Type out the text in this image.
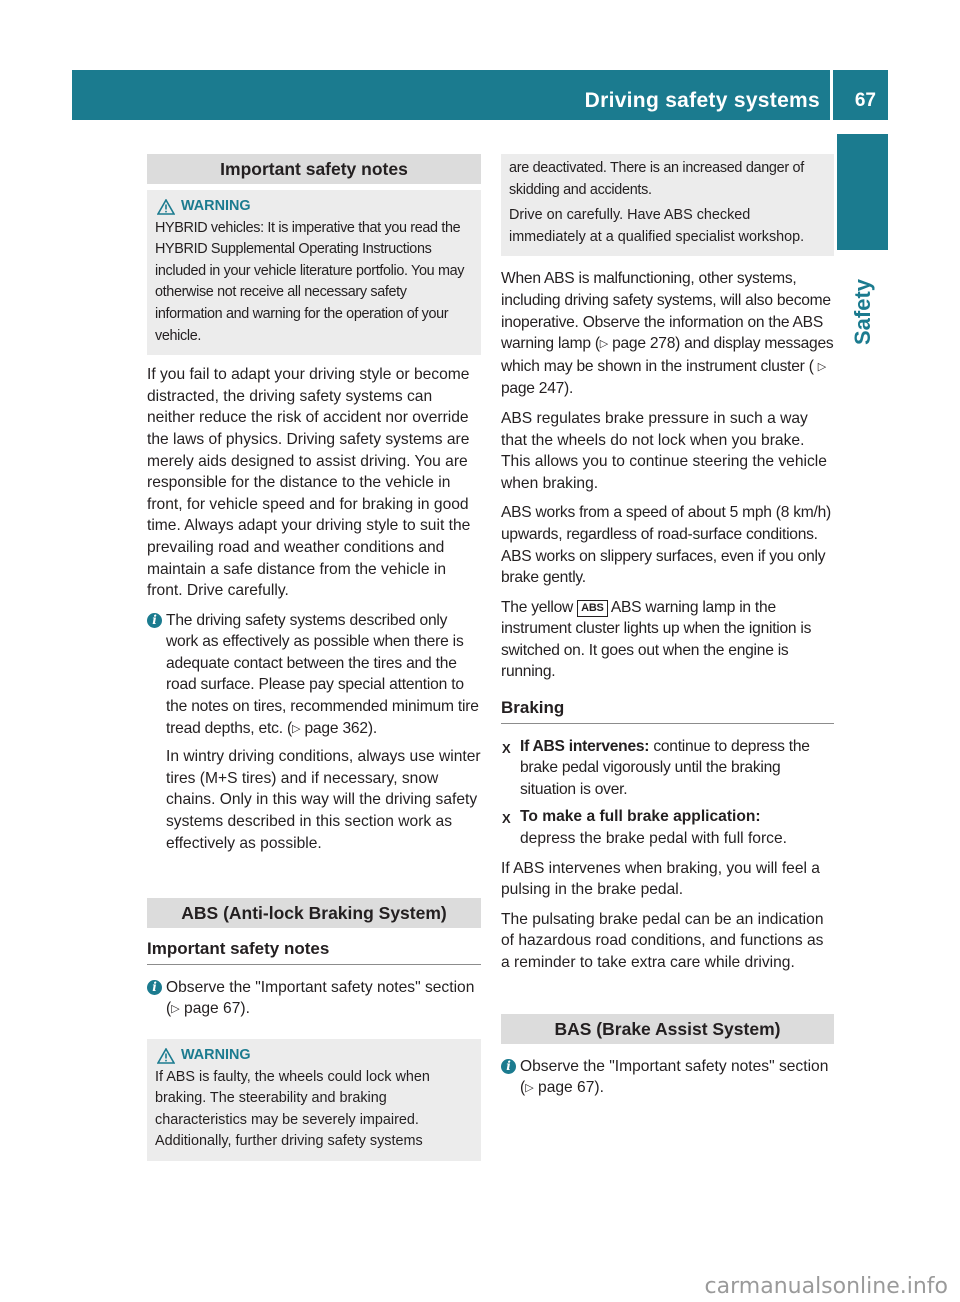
Driving safety systems 67
Safety
Important safety notes
WARNING

HYBRID vehicles: It is imperative that you read the HYBRID Supplemental Operating Instructions included in your vehicle literature portfolio. You may otherwise not receive all necessary safety information and warning for the operation of your vehicle.

If you fail to adapt your driving style or become distracted, the driving safety systems can neither reduce the risk of accident nor override the laws of physics. Driving safety systems are merely aids designed to assist driving. You are responsible for the distance to the vehicle in front, for vehicle speed and for braking in good time. Always adapt your driving style to suit the prevailing road and weather conditions and maintain a safe distance from the vehicle in front. Drive carefully.

i The driving safety systems described only work as effectively as possible when there is adequate contact between the tires and the road surface. Please pay special attention to the notes on tires, recommended minimum tire tread depths, etc. (▷ page 362).

In wintry driving conditions, always use winter tires (M+S tires) and if necessary, snow chains. Only in this way will the driving safety systems described in this section work as effectively as possible.

ABS (Anti-lock Braking System)
Important safety notes
i Observe the "Important safety notes" section (▷ page 67).

WARNING

If ABS is faulty, the wheels could lock when braking. The steerability and braking characteristics may be severely impaired. Additionally, further driving safety systems

are deactivated. There is an increased danger of skidding and accidents.

Drive on carefully. Have ABS checked immediately at a qualified specialist workshop.

When ABS is malfunctioning, other systems, including driving safety systems, will also become inoperative. Observe the information on the ABS warning lamp (▷ page 278) and display messages which may be shown in the instrument cluster ( ▷ page 247).

ABS regulates brake pressure in such a way that the wheels do not lock when you brake. This allows you to continue steering the vehicle when braking.

ABS works from a speed of about 5 mph (8 km/h) upwards, regardless of road-surface conditions. ABS works on slippery surfaces, even if you only brake gently.

The yellow ABS ABS warning lamp in the instrument cluster lights up when the ignition is switched on. It goes out when the engine is running.

Braking
X If ABS intervenes: continue to depress the brake pedal vigorously until the braking situation is over.

X To make a full brake application:
depress the brake pedal with full force.

If ABS intervenes when braking, you will feel a pulsing in the brake pedal.

The pulsating brake pedal can be an indication of hazardous road conditions, and functions as a reminder to take extra care while driving.

BAS (Brake Assist System)
i Observe the "Important safety notes" section (▷ page 67).

carmanualsonline.info
